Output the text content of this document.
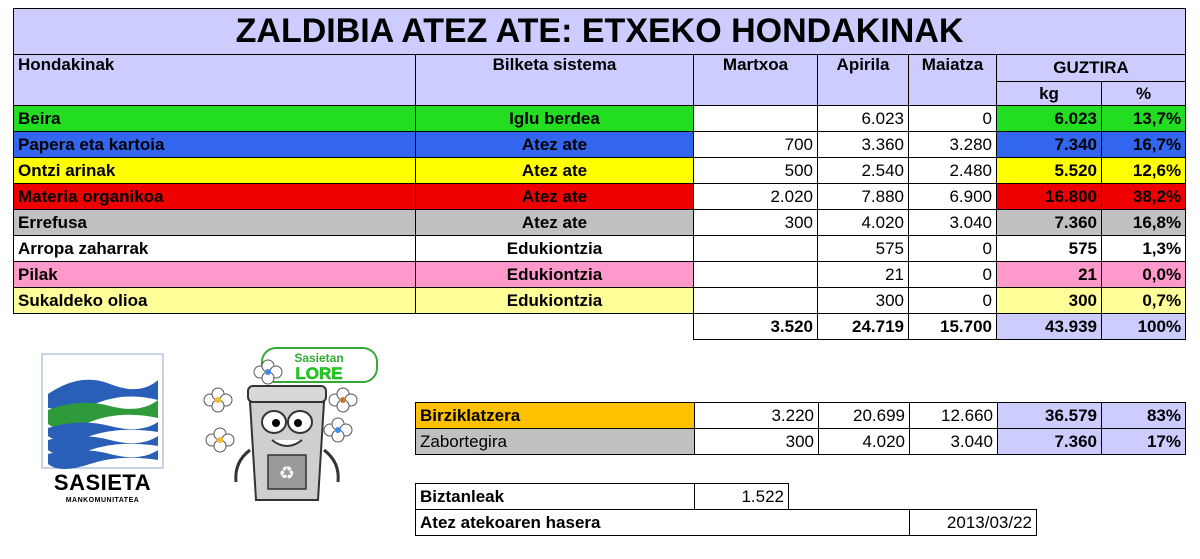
ZALDIBIA ATEZ ATE: ETXEKO HONDAKINAK						
Hondakinak	Bilketa sistema	Martxoa	Apirila	Maiatza	GUZTIRA	
					kg	%
Beira	Iglu berdea		6.023	0	6.023	13,7%
Papera eta kartoia	Atez ate	700	3.360	3.280	7.340	16,7%
Ontzi arinak	Atez ate	500	2.540	2.480	5.520	12,6%
Materia organikoa	Atez ate	2.020	7.880	6.900	16.800	38,2%
Errefusa	Atez ate	300	4.020	3.040	7.360	16,8%
Arropa zaharrak	Edukiontzia		575	0	575	1,3%
Pilak	Edukiontzia		21	0	21	0,0%
Sukaldeko olioa	Edukiontzia		300	0	300	0,7%
		3.520	24.719	15.700	43.939	100%
Birziklatzera	3.220	20.699	12.660	36.579	83%
Zabortegira	300	4.020	3.040	7.360	17%
Biztanleak	1.522		
Atez atekoaren hasera			2013/03/22
SASIETA
MANKOMUNITATEA
Sasietan
LORE
♻
